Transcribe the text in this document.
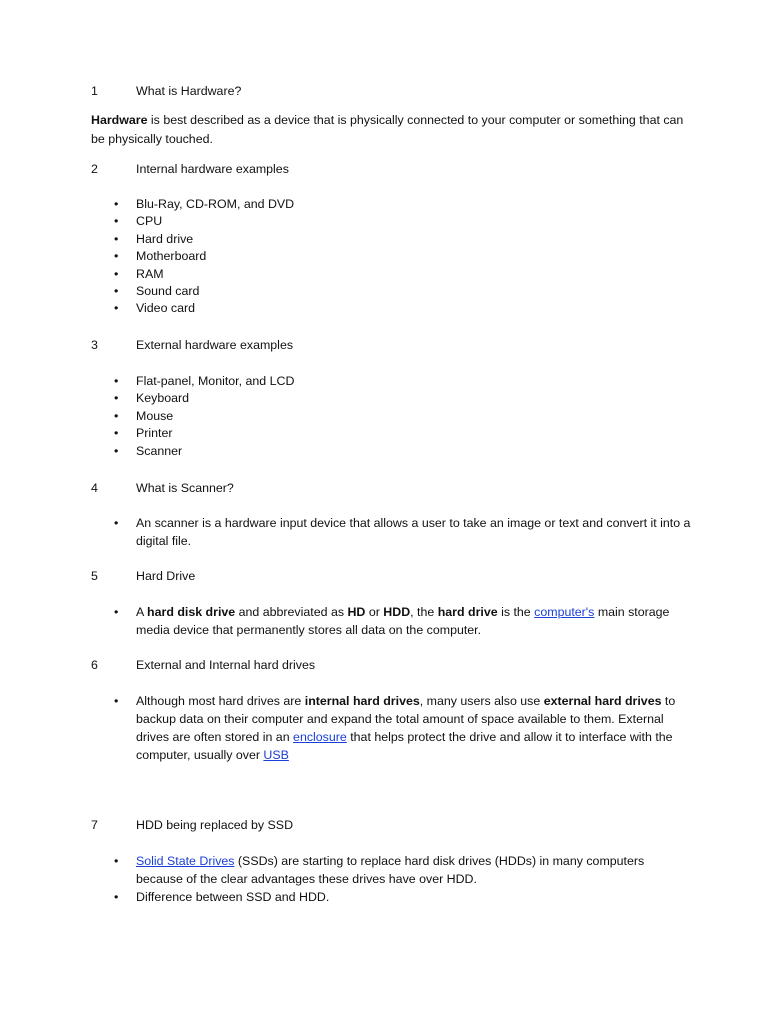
1	What is Hardware?
Hardware is best described as a device that is physically connected to your computer or something that can be physically touched.
2	Internal hardware examples
• Blu-Ray, CD-ROM, and DVD
• CPU
• Hard drive
• Motherboard
• RAM
• Sound card
• Video card
3	External hardware examples
• Flat-panel, Monitor, and LCD
• Keyboard
• Mouse
• Printer
• Scanner
4	What is Scanner?
• An scanner is a hardware input device that allows a user to take an image or text and convert it into a digital file.
5	Hard Drive
• A hard disk drive and abbreviated as HD or HDD, the hard drive is the computer's main storage media device that permanently stores all data on the computer.
6	External and Internal hard drives
• Although most hard drives are internal hard drives, many users also use external hard drives to backup data on their computer and expand the total amount of space available to them. External drives are often stored in an enclosure that helps protect the drive and allow it to interface with the computer, usually over USB
7	HDD being replaced by SSD
• Solid State Drives (SSDs) are starting to replace hard disk drives (HDDs) in many computers because of the clear advantages these drives have over HDD.
• Difference between SSD and HDD.
